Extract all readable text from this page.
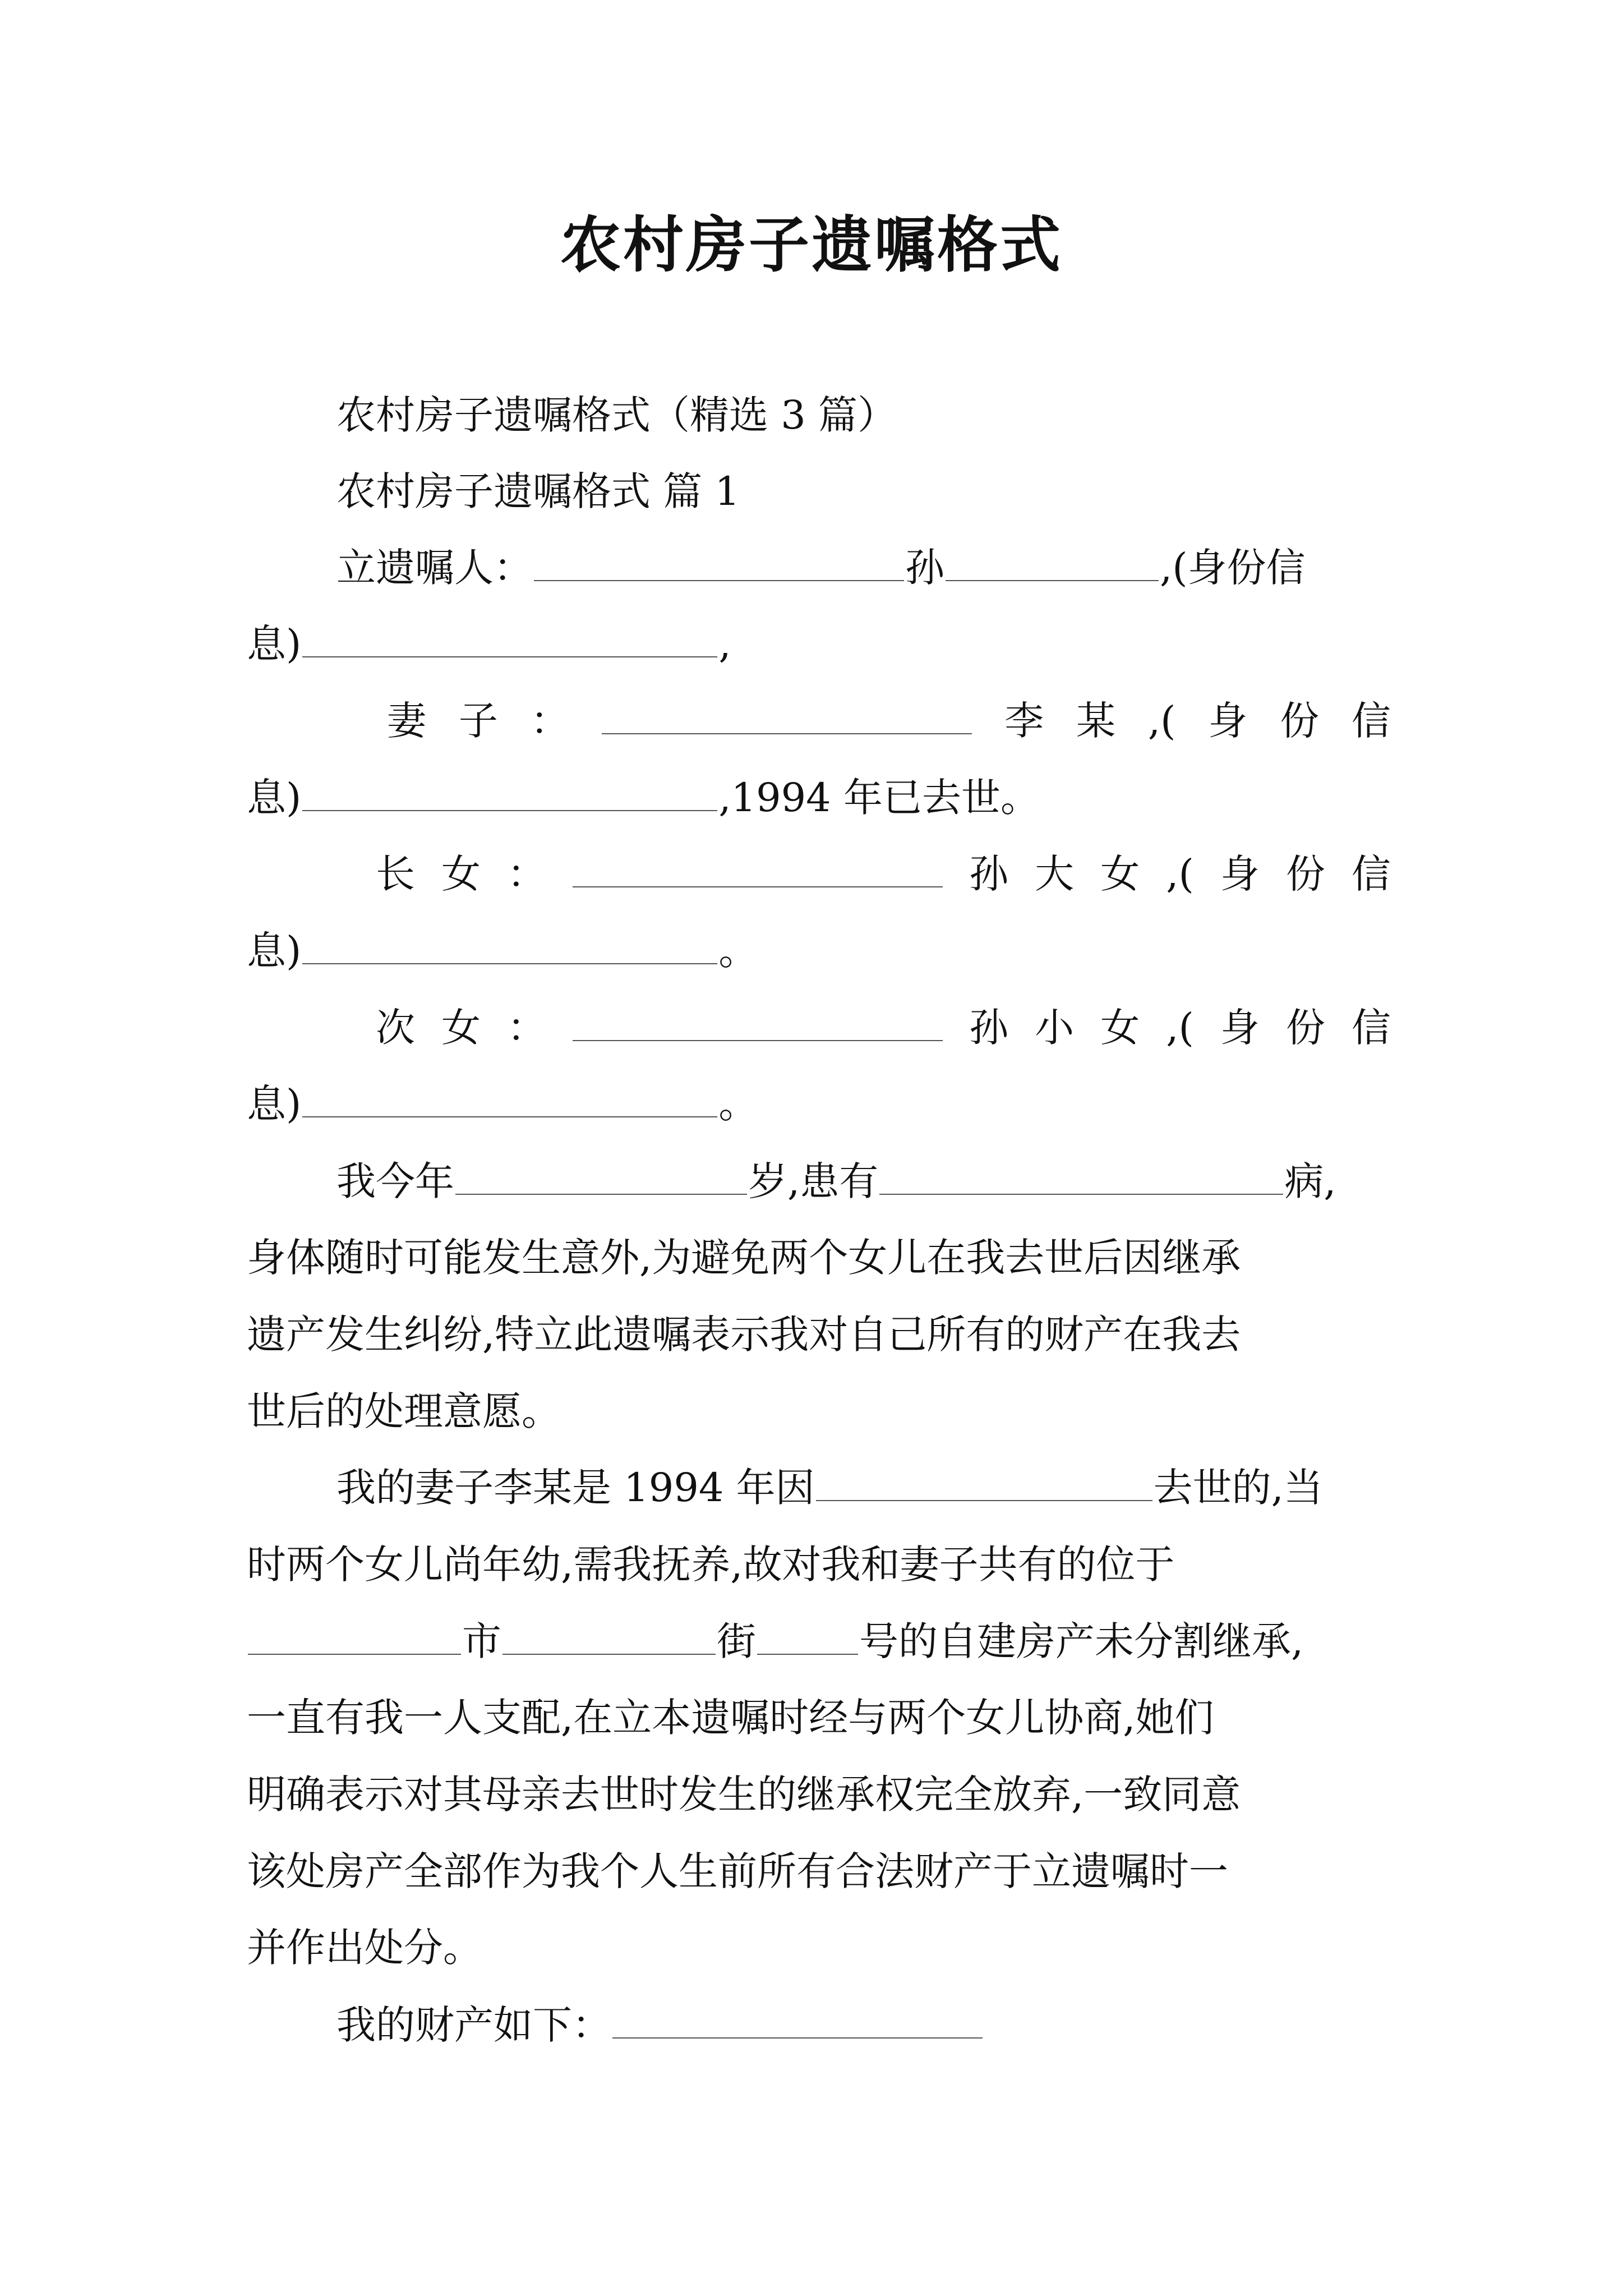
农村房子遗嘱格式
农村房子遗嘱格式（精选 3 篇）
农村房子遗嘱格式 篇 1
立遗嘱人：	孙	,(身份信
息)	,
妻 子 ：	李 某 ,( 身 份 信
息)	,1994 年已去世。
长 女 ：	孙 大 女 ,( 身 份 信
息)	。
次 女 ：	孙 小 女 ,( 身 份 信
息)	。
我今年	岁,患有	病,
身体随时可能发生意外,为避免两个女儿在我去世后因继承
遗产发生纠纷,特立此遗嘱表示我对自己所有的财产在我去
世后的处理意愿。
我的妻子李某是 1994 年因	去世的,当
时两个女儿尚年幼,需我抚养,故对我和妻子共有的位于
市	街	号的自建房产未分割继承,
一直有我一人支配,在立本遗嘱时经与两个女儿协商,她们
明确表示对其母亲去世时发生的继承权完全放弃,一致同意
该处房产全部作为我个人生前所有合法财产于立遗嘱时一
并作出处分。
我的财产如下：
